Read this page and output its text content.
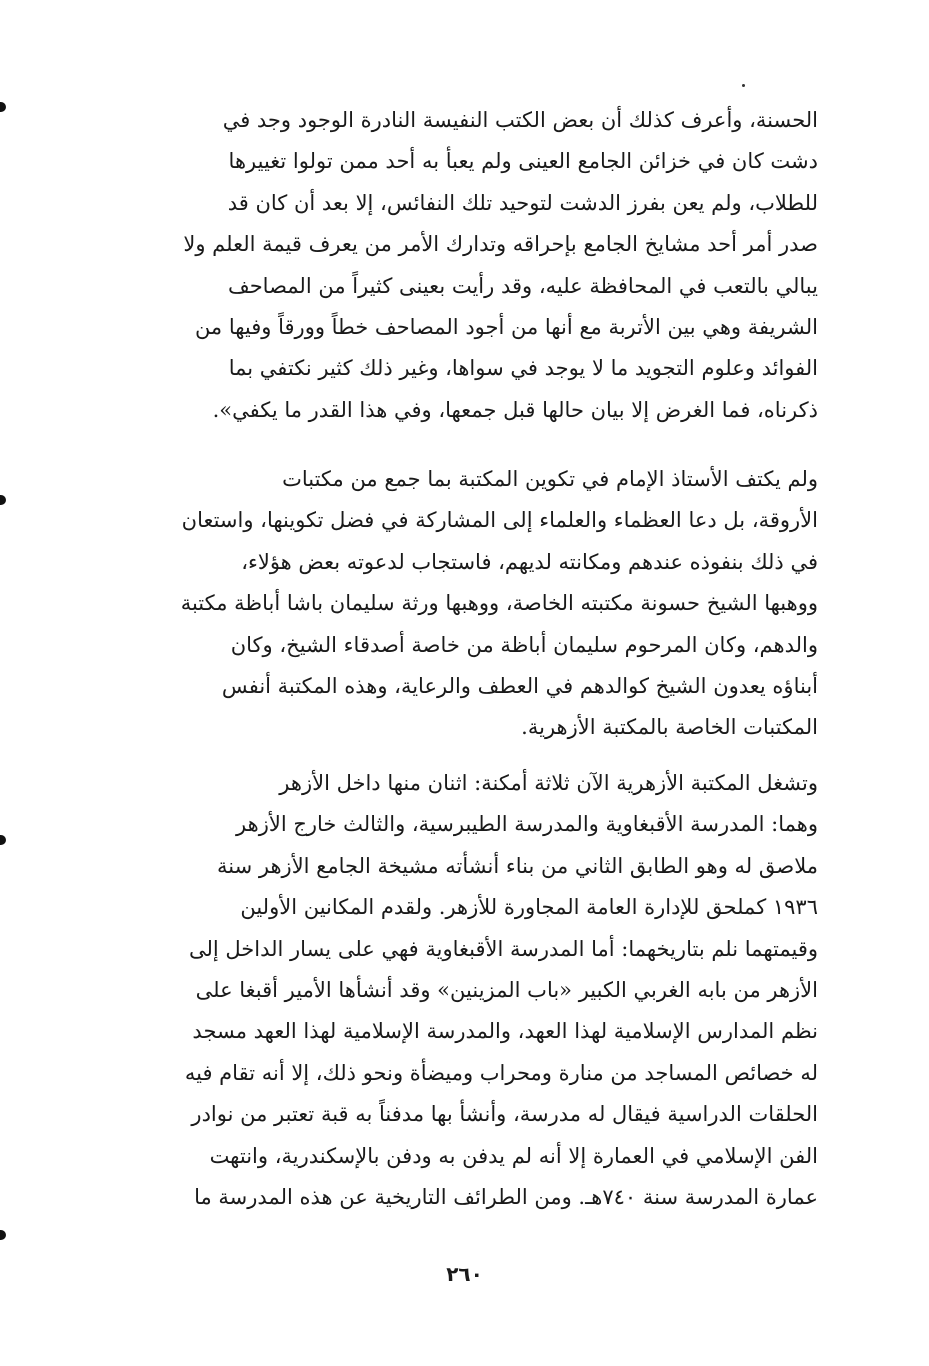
الحسنة، وأعرف كذلك أن بعض الكتب النفيسة النادرة الوجود وجد في
دشت كان في خزائن الجامع العينى ولم يعبأ به أحد ممن تولوا تغييرها
للطلاب، ولم يعن بفرز الدشت لتوحيد تلك النفائس، إلا بعد أن كان قد
صدر أمر أحد مشايخ الجامع بإحراقه وتدارك الأمر من يعرف قيمة العلم ولا
يبالي بالتعب في المحافظة عليه، وقد رأيت بعينى كثيراً من المصاحف
الشريفة وهي بين الأتربة مع أنها من أجود المصاحف خطاً وورقاً وفيها من
الفوائد وعلوم التجويد ما لا يوجد في سواها، وغير ذلك كثير نكتفي بما
ذكرناه، فما الغرض إلا بيان حالها قبل جمعها، وفي هذا القدر ما يكفي».
ولم يكتف الأستاذ الإمام في تكوين المكتبة بما جمع من مكتبات
الأروقة، بل دعا العظماء والعلماء إلى المشاركة في فضل تكوينها، واستعان
في ذلك بنفوذه عندهم ومكانته لديهم، فاستجاب لدعوته بعض هؤلاء،
ووهبها الشيخ حسونة مكتبته الخاصة، ووهبها ورثة سليمان باشا أباظة مكتبة
والدهم، وكان المرحوم سليمان أباظة من خاصة أصدقاء الشيخ، وكان
أبناؤه يعدون الشيخ كوالدهم في العطف والرعاية، وهذه المكتبة أنفس
المكتبات الخاصة بالمكتبة الأزهرية.
وتشغل المكتبة الأزهرية الآن ثلاثة أمكنة: اثنان منها داخل الأزهر
وهما: المدرسة الأقبغاوية والمدرسة الطيبرسية، والثالث خارج الأزهر
ملاصق له وهو الطابق الثاني من بناء أنشأته مشيخة الجامع الأزهر سنة
١٩٣٦ كملحق للإدارة العامة المجاورة للأزهر. ولقدم المكانين الأولين
وقيمتهما نلم بتاريخهما: أما المدرسة الأقبغاوية فهي على يسار الداخل إلى
الأزهر من بابه الغربي الكبير «باب المزينين» وقد أنشأها الأمير أقبغا على
نظم المدارس الإسلامية لهذا العهد، والمدرسة الإسلامية لهذا العهد مسجد
له خصائص المساجد من منارة ومحراب وميضأة ونحو ذلك، إلا أنه تقام فيه
الحلقات الدراسية فيقال له مدرسة، وأنشأ بها مدفناً به قبة تعتبر من نوادر
الفن الإسلامي في العمارة إلا أنه لم يدفن به ودفن بالإسكندرية، وانتهت
عمارة المدرسة سنة ٧٤٠هـ. ومن الطرائف التاريخية عن هذه المدرسة ما
٢٦٠
